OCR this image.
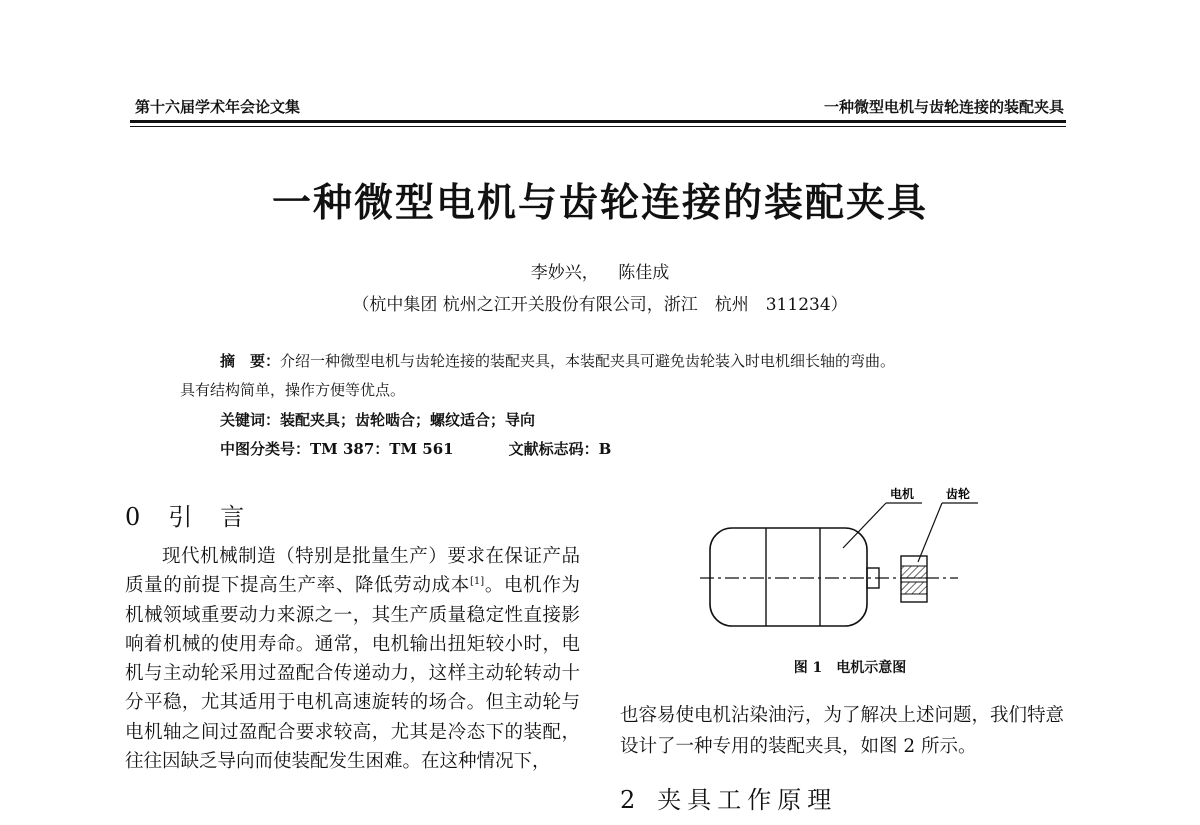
第十六届学术年会论文集	一种微型电机与齿轮连接的装配夹具
一种微型电机与齿轮连接的装配夹具
李妙兴， 陈佳成
（杭中集团 杭州之江开关股份有限公司，浙江　杭州　311234）
摘　要：介绍一种微型电机与齿轮连接的装配夹具，本装配夹具可避免齿轮装入时电机细长轴的弯曲。
具有结构简单，操作方便等优点。
关键词：装配夹具；齿轮啮合；螺纹适合；导向
中图分类号：TM 387：TM 561	文献标志码：B
0 引言

现代机械制造（特别是批量生产）要求在保证产品质量的前提下提高生产率、降低劳动成本[1]。电机作为机械领域重要动力来源之一，其生产质量稳定性直接影响着机械的使用寿命。通常，电机输出扭矩较小时，电机与主动轮采用过盈配合传递动力，这样主动轮转动十分平稳，尤其适用于电机高速旋转的场合。但主动轮与电机轴之间过盈配合要求较高，尤其是冷态下的装配，往往因缺乏导向而使装配发生困难。在这种情况下，

电机	齿轮
图 1　电机示意图

也容易使电机沾染油污，为了解决上述问题，我们特意设计了一种专用的装配夹具，如图 2 所示。

2 夹具工作原理
